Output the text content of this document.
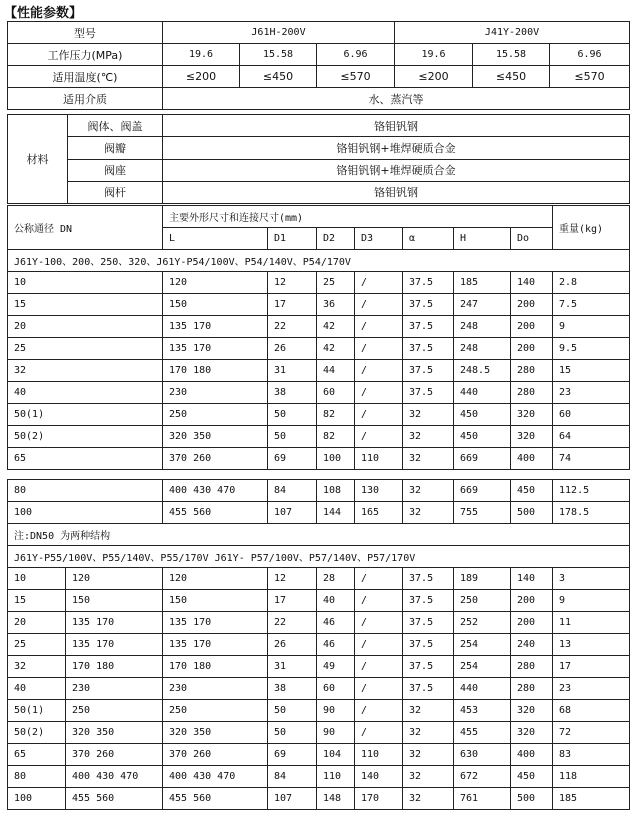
【性能参数】
型号	J61H-200V			J41Y-200V		
工作压力(MPa)	19.6	15.58	6.96	19.6	15.58	6.96
适用温度(℃)	≤200	≤450	≤570	≤200	≤450	≤570
适用介质	水、蒸汽等					
材料	阀体、阀盖	铬钼钒钢
	阀瓣	铬钼钒钢+堆焊硬质合金
	阀座	铬钼钒钢+堆焊硬质合金
	阀杆	铬钼钒钢
公称通径 DN	主要外形尺寸和连接尺寸(mm)							重量(kg)
	L	D1	D2	D3	α	H	Do	
J61Y-100、200、250、320、J61Y-P54/100V、P54/140V、P54/170V								
10	120	12	25	/	37.5	185	140	2.8
15	150	17	36	/	37.5	247	200	7.5
20	135 170	22	42	/	37.5	248	200	9
25	135 170	26	42	/	37.5	248	200	9.5
32	170 180	31	44	/	37.5	248.5	280	15
40	230	38	60	/	37.5	440	280	23
50(1)	250	50	82	/	32	450	320	60
50(2)	320 350	50	82	/	32	450	320	64
65	370 260	69	100	110	32	669	400	74
80		400 430 470	84	108	130	32	669	450	112.5
100		455 560	107	144	165	32	755	500	178.5
注:DN50 为两种结构									
J61Y-P55/100V、P55/140V、P55/170V J61Y- P57/100V、P57/140V、P57/170V									
10	120	120	12	28	/	37.5	189	140	3
15	150	150	17	40	/	37.5	250	200	9
20	135 170	135 170	22	46	/	37.5	252	200	11
25	135 170	135 170	26	46	/	37.5	254	240	13
32	170 180	170 180	31	49	/	37.5	254	280	17
40	230	230	38	60	/	37.5	440	280	23
50(1)	250	250	50	90	/	32	453	320	68
50(2)	320 350	320 350	50	90	/	32	455	320	72
65	370 260	370 260	69	104	110	32	630	400	83
80	400 430 470	400 430 470	84	110	140	32	672	450	118
100	455 560	455 560	107	148	170	32	761	500	185
